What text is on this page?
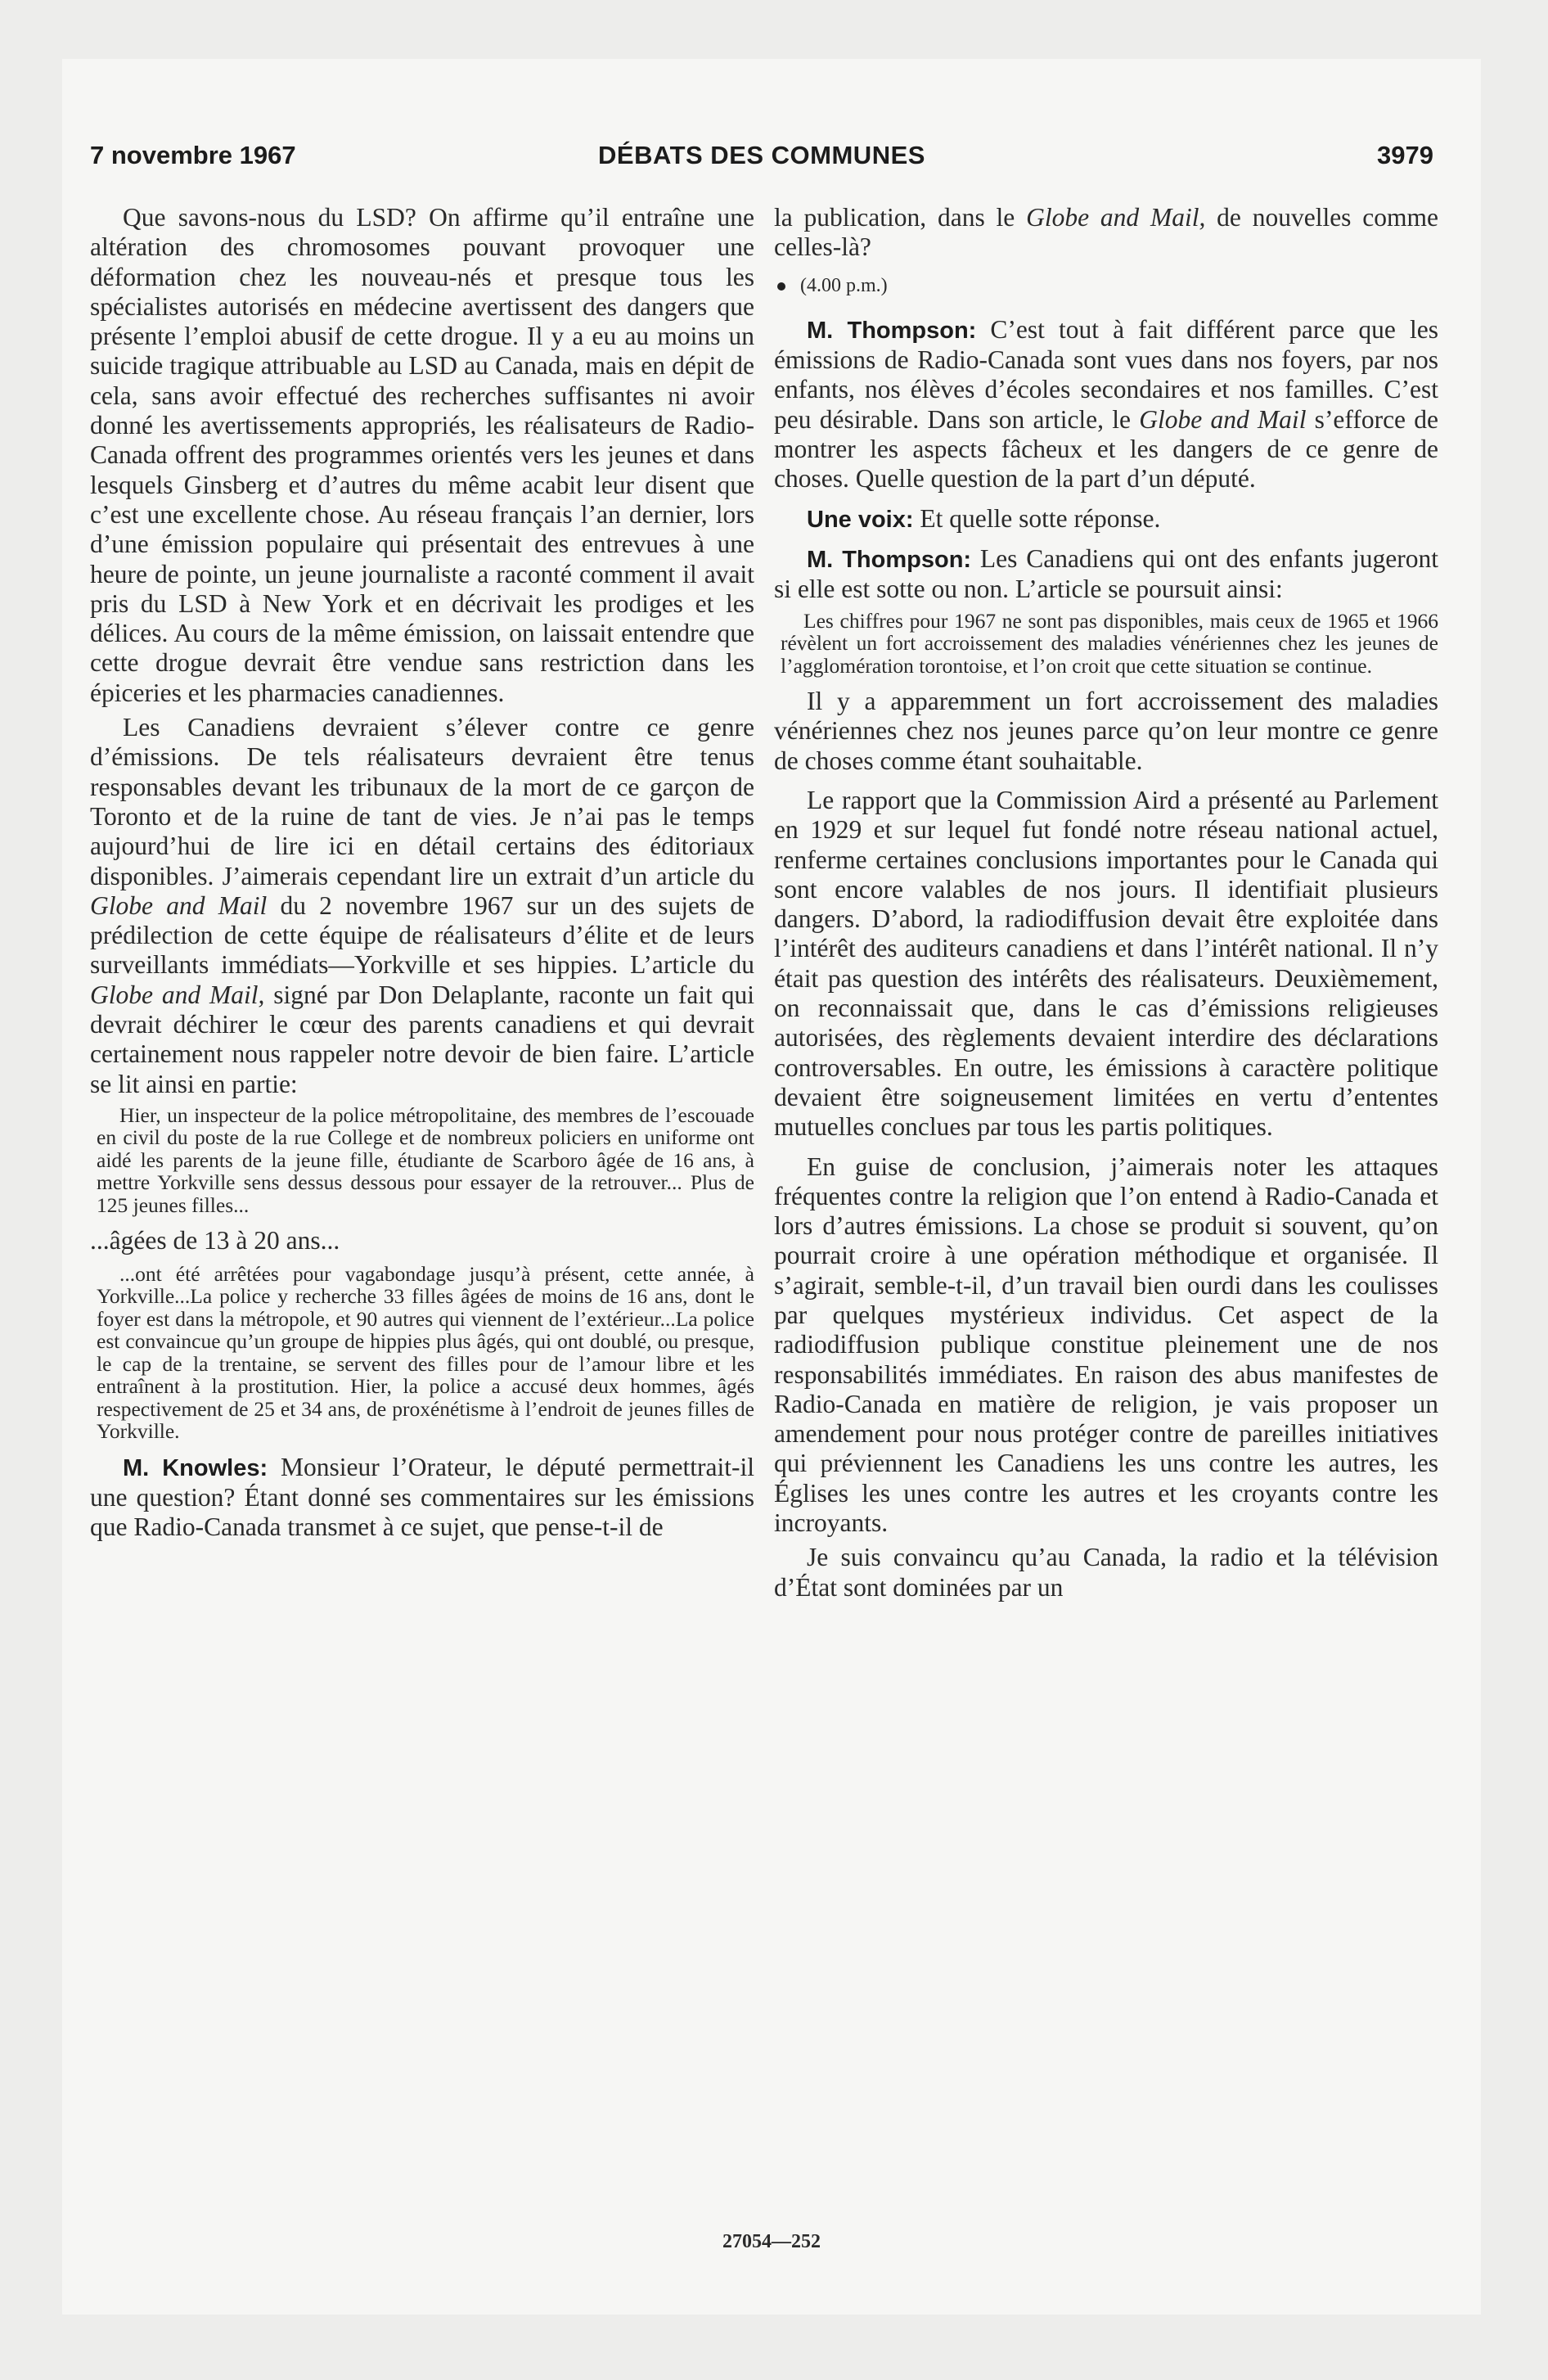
7 novembre 1967	DÉBATS DES COMMUNES	3979

Que savons-nous du LSD? On affirme qu’il entraîne une altération des chromosomes pouvant provoquer une déformation chez les nouveau-nés et presque tous les spécialistes autorisés en médecine avertissent des dangers que présente l’emploi abusif de cette drogue. Il y a eu au moins un suicide tragique attribuable au LSD au Canada, mais en dépit de cela, sans avoir effectué des recherches suffisantes ni avoir donné les avertissements appropriés, les réalisateurs de Radio-Canada offrent des programmes orientés vers les jeunes et dans lesquels Ginsberg et d’autres du même acabit leur disent que c’est une excellente chose. Au réseau français l’an dernier, lors d’une émission populaire qui présentait des entrevues à une heure de pointe, un jeune journaliste a raconté comment il avait pris du LSD à New York et en décrivait les prodiges et les délices. Au cours de la même émission, on laissait entendre que cette drogue devrait être vendue sans restriction dans les épiceries et les pharmacies canadiennes.

Les Canadiens devraient s’élever contre ce genre d’émissions. De tels réalisateurs devraient être tenus responsables devant les tribunaux de la mort de ce garçon de Toronto et de la ruine de tant de vies. Je n’ai pas le temps aujourd’hui de lire ici en détail certains des éditoriaux disponibles. J’aimerais cependant lire un extrait d’un article du Globe and Mail du 2 novembre 1967 sur un des sujets de prédilection de cette équipe de réalisateurs d’élite et de leurs surveillants immédiats—Yorkville et ses hippies. L’article du Globe and Mail, signé par Don Delaplante, raconte un fait qui devrait déchirer le cœur des parents canadiens et qui devrait certainement nous rappeler notre devoir de bien faire. L’article se lit ainsi en partie:

Hier, un inspecteur de la police métropolitaine, des membres de l’escouade en civil du poste de la rue College et de nombreux policiers en uniforme ont aidé les parents de la jeune fille, étudiante de Scarboro âgée de 16 ans, à mettre Yorkville sens dessus dessous pour essayer de la retrouver... Plus de 125 jeunes filles...

...âgées de 13 à 20 ans...

...ont été arrêtées pour vagabondage jusqu’à présent, cette année, à Yorkville...La police y recherche 33 filles âgées de moins de 16 ans, dont le foyer est dans la métropole, et 90 autres qui viennent de l’extérieur...La police est convaincue qu’un groupe de hippies plus âgés, qui ont doublé, ou presque, le cap de la trentaine, se servent des filles pour de l’amour libre et les entraînent à la prostitution. Hier, la police a accusé deux hommes, âgés respectivement de 25 et 34 ans, de proxénétisme à l’endroit de jeunes filles de Yorkville.

M. Knowles: Monsieur l’Orateur, le député permettrait-il une question? Étant donné ses commentaires sur les émissions que Radio-Canada transmet à ce sujet, que pense-t-il de

la publication, dans le Globe and Mail, de nouvelles comme celles-là?

(4.00 p.m.)

M. Thompson: C’est tout à fait différent parce que les émissions de Radio-Canada sont vues dans nos foyers, par nos enfants, nos élèves d’écoles secondaires et nos familles. C’est peu désirable. Dans son article, le Globe and Mail s’efforce de montrer les aspects fâcheux et les dangers de ce genre de choses. Quelle question de la part d’un député.

Une voix: Et quelle sotte réponse.

M. Thompson: Les Canadiens qui ont des enfants jugeront si elle est sotte ou non. L’article se poursuit ainsi:

Les chiffres pour 1967 ne sont pas disponibles, mais ceux de 1965 et 1966 révèlent un fort accroissement des maladies vénériennes chez les jeunes de l’agglomération torontoise, et l’on croit que cette situation se continue.

Il y a apparemment un fort accroissement des maladies vénériennes chez nos jeunes parce qu’on leur montre ce genre de choses comme étant souhaitable.

Le rapport que la Commission Aird a présenté au Parlement en 1929 et sur lequel fut fondé notre réseau national actuel, renferme certaines conclusions importantes pour le Canada qui sont encore valables de nos jours. Il identifiait plusieurs dangers. D’abord, la radiodiffusion devait être exploitée dans l’intérêt des auditeurs canadiens et dans l’intérêt national. Il n’y était pas question des intérêts des réalisateurs. Deuxièmement, on reconnaissait que, dans le cas d’émissions religieuses autorisées, des règlements devaient interdire des déclarations controversables. En outre, les émissions à caractère politique devaient être soigneusement limitées en vertu d’ententes mutuelles conclues par tous les partis politiques.

En guise de conclusion, j’aimerais noter les attaques fréquentes contre la religion que l’on entend à Radio-Canada et lors d’autres émissions. La chose se produit si souvent, qu’on pourrait croire à une opération méthodique et organisée. Il s’agirait, semble-t-il, d’un travail bien ourdi dans les coulisses par quelques mystérieux individus. Cet aspect de la radiodiffusion publique constitue pleinement une de nos responsabilités immédiates. En raison des abus manifestes de Radio-Canada en matière de religion, je vais proposer un amendement pour nous protéger contre de pareilles initiatives qui préviennent les Canadiens les uns contre les autres, les Églises les unes contre les autres et les croyants contre les incroyants.

Je suis convaincu qu’au Canada, la radio et la télévision d’État sont dominées par un

27054—252
